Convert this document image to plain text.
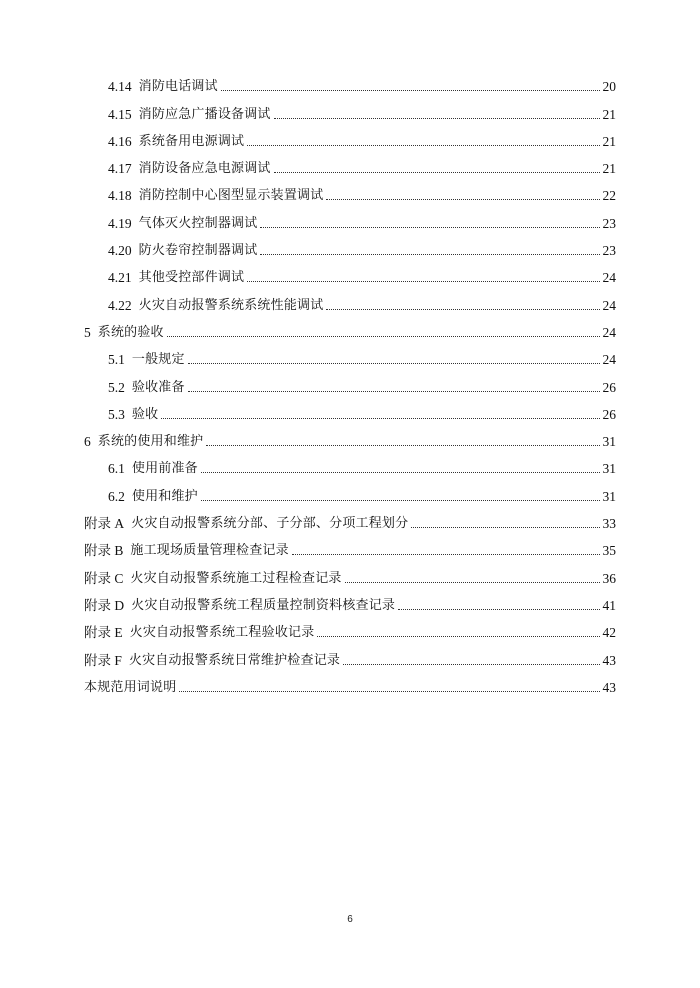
4.14 消防电话调试	20
4.15 消防应急广播设备调试	21
4.16 系统备用电源调试	21
4.17 消防设备应急电源调试	21
4.18 消防控制中心图型显示装置调试	22
4.19 气体灭火控制器调试	23
4.20 防火卷帘控制器调试	23
4.21 其他受控部件调试	24
4.22 火灾自动报警系统系统性能调试	24
5 系统的验收	24
5.1 一般规定	24
5.2 验收准备	26
5.3 验收	26
6 系统的使用和维护	31
6.1 使用前准备	31
6.2 使用和维护	31
附录 A 火灾自动报警系统分部、子分部、分项工程划分	33
附录 B 施工现场质量管理检查记录	35
附录 C 火灾自动报警系统施工过程检查记录	36
附录 D 火灾自动报警系统工程质量控制资料核查记录	41
附录 E 火灾自动报警系统工程验收记录	42
附录 F 火灾自动报警系统日常维护检查记录	43
本规范用词说明	43
6
